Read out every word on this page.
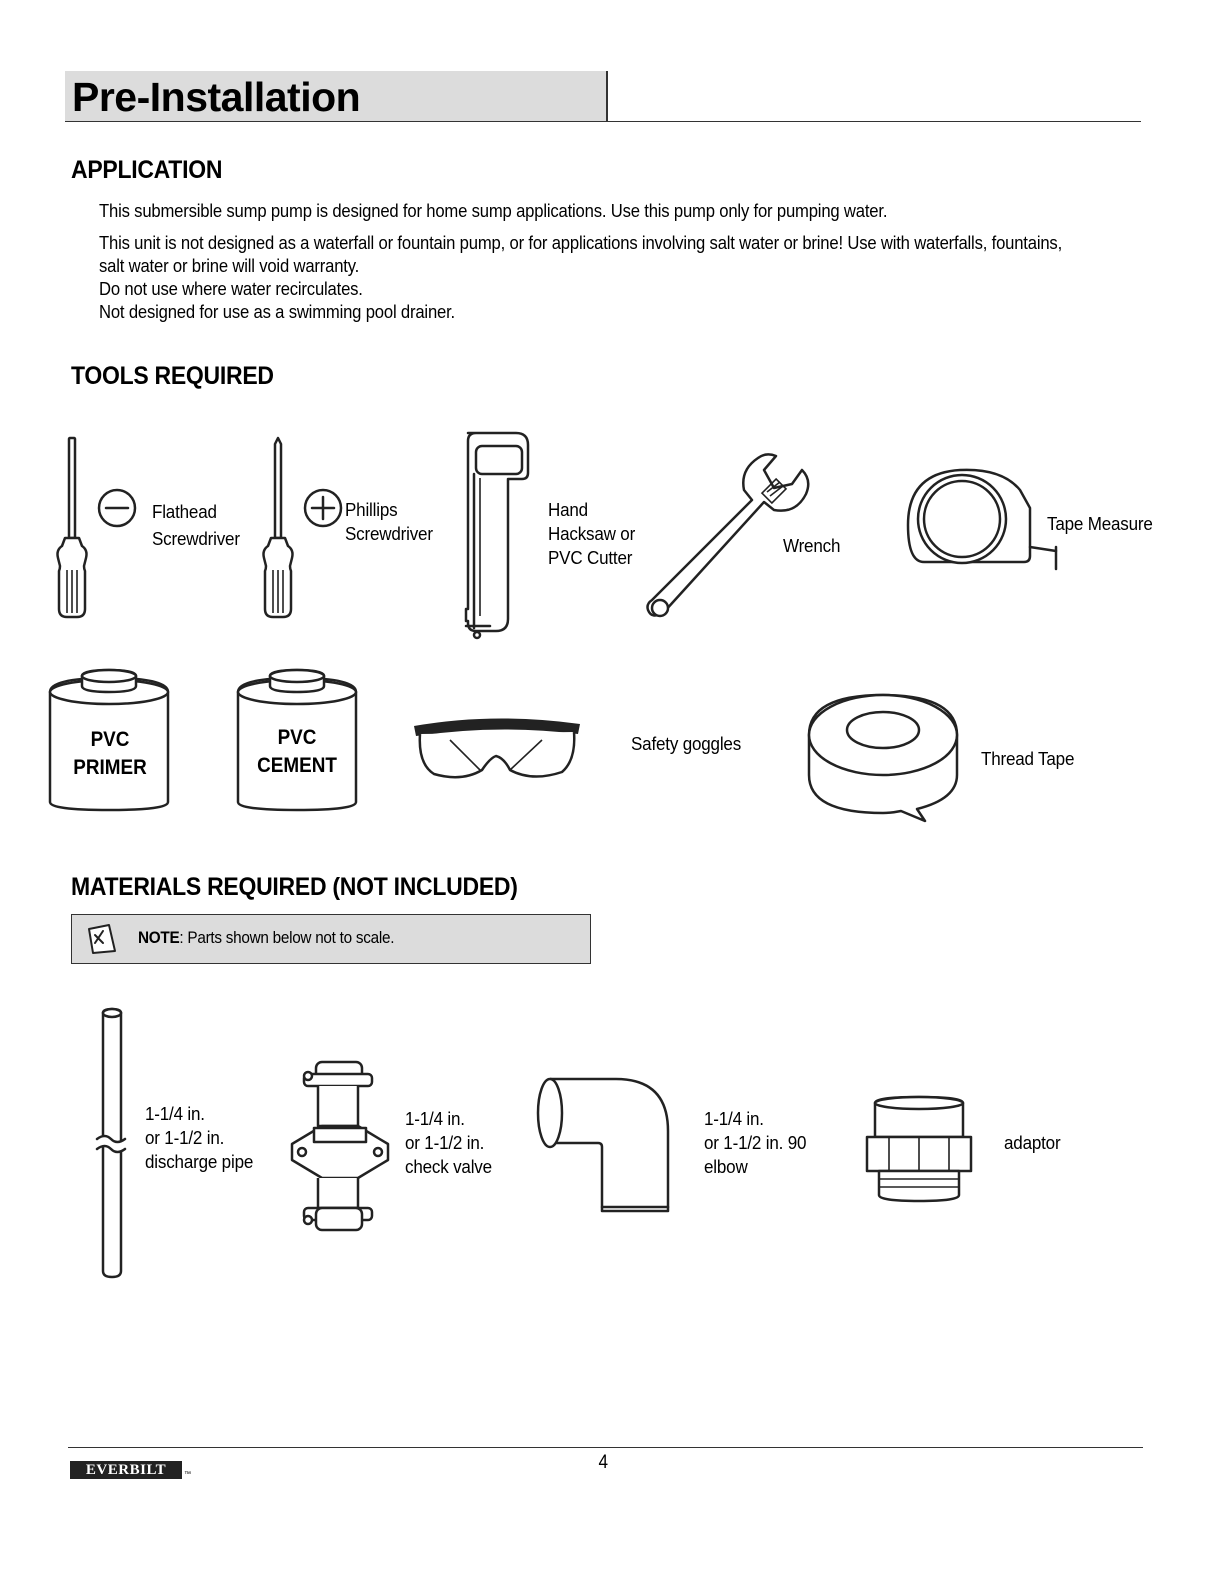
Pre-Installation
APPLICATION
This submersible sump pump is designed for home sump applications. Use this pump only for pumping water.
This unit is not designed as a waterfall or fountain pump, or for applications involving salt water or brine! Use with waterfalls, fountains,
salt water or brine will void warranty.
Do not use where water recirculates.
Not designed for use as a swimming pool drainer.
TOOLS REQUIRED
Flathead
Screwdriver
Phillips
Screwdriver
Hand
Hacksaw or
PVC Cutter
Wrench
Tape Measure
PVC
PRIMER
PVC
CEMENT
Safety goggles
Thread Tape
MATERIALS REQUIRED (NOT INCLUDED)
NOTE: Parts shown below not to scale.
1-1/4 in.
or 1-1/2 in.
discharge pipe
1-1/4 in.
or 1-1/2 in.
check valve
1-1/4 in.
or 1-1/2 in. 90
elbow
adaptor
EVERBILT	™
4
